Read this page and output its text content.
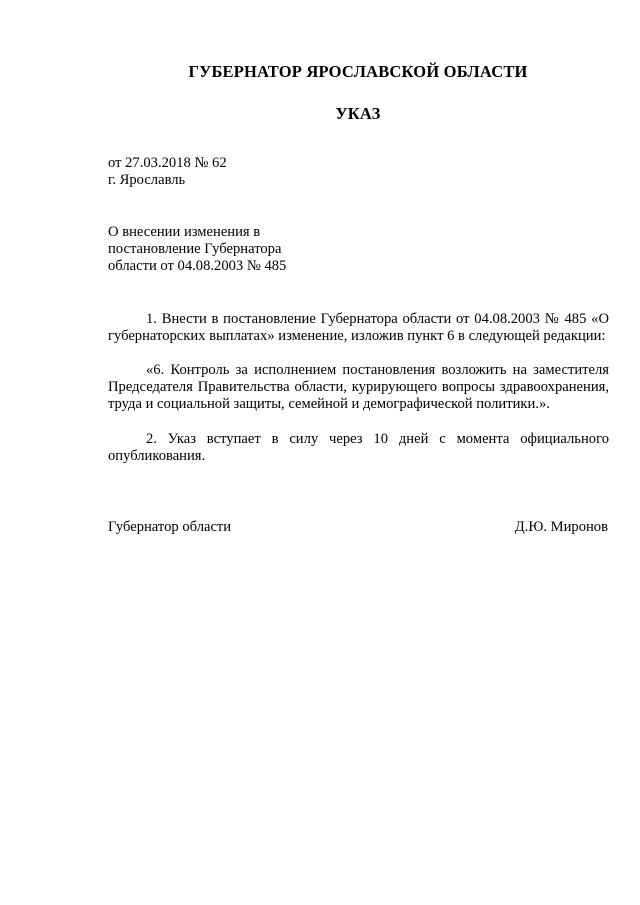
ГУБЕРНАТОР ЯРОСЛАВСКОЙ ОБЛАСТИ
УКАЗ
от 27.03.2018 № 62
г. Ярославль
О внесении изменения в
постановление Губернатора
области от 04.08.2003 № 485
1. Внести в постановление Губернатора области от 04.08.2003 № 485 «О губернаторских выплатах» изменение, изложив пункт 6 в следующей редакции:
«6. Контроль за исполнением постановления возложить на заместителя Председателя Правительства области, курирующего вопросы здравоохранения, труда и социальной защиты, семейной и демографической политики.».
2. Указ вступает в силу через 10 дней с момента официального опубликования.
Губернатор области	Д.Ю. Миронов
